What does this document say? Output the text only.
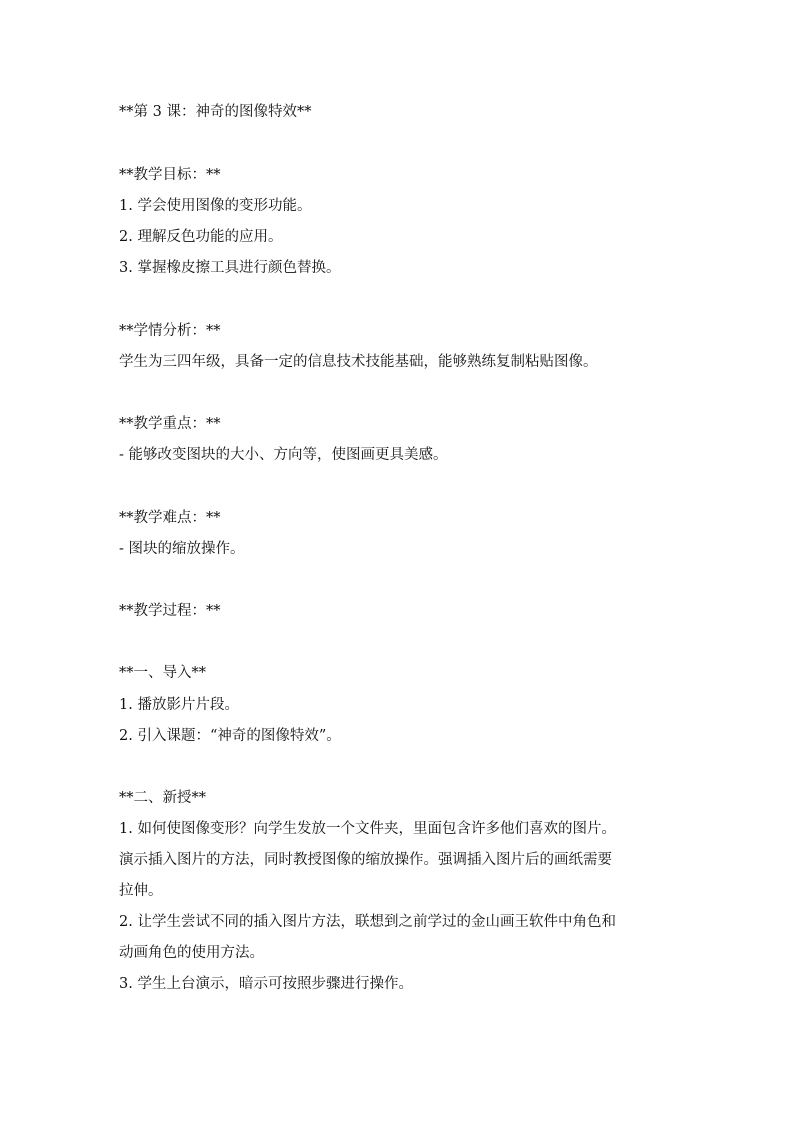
**第 3 课：神奇的图像特效**
**教学目标：**
1. 学会使用图像的变形功能。
2. 理解反色功能的应用。
3. 掌握橡皮擦工具进行颜色替换。
**学情分析：**
学生为三四年级，具备一定的信息技术技能基础，能够熟练复制粘贴图像。
**教学重点：**
- 能够改变图块的大小、方向等，使图画更具美感。
**教学难点：**
- 图块的缩放操作。
**教学过程：**
**一、导入**
1. 播放影片片段。
2. 引入课题：“神奇的图像特效”。
**二、新授**
1. 如何使图像变形？向学生发放一个文件夹，里面包含许多他们喜欢的图片。
演示插入图片的方法，同时教授图像的缩放操作。强调插入图片后的画纸需要
拉伸。
2. 让学生尝试不同的插入图片方法，联想到之前学过的金山画王软件中角色和
动画角色的使用方法。
3. 学生上台演示，暗示可按照步骤进行操作。
